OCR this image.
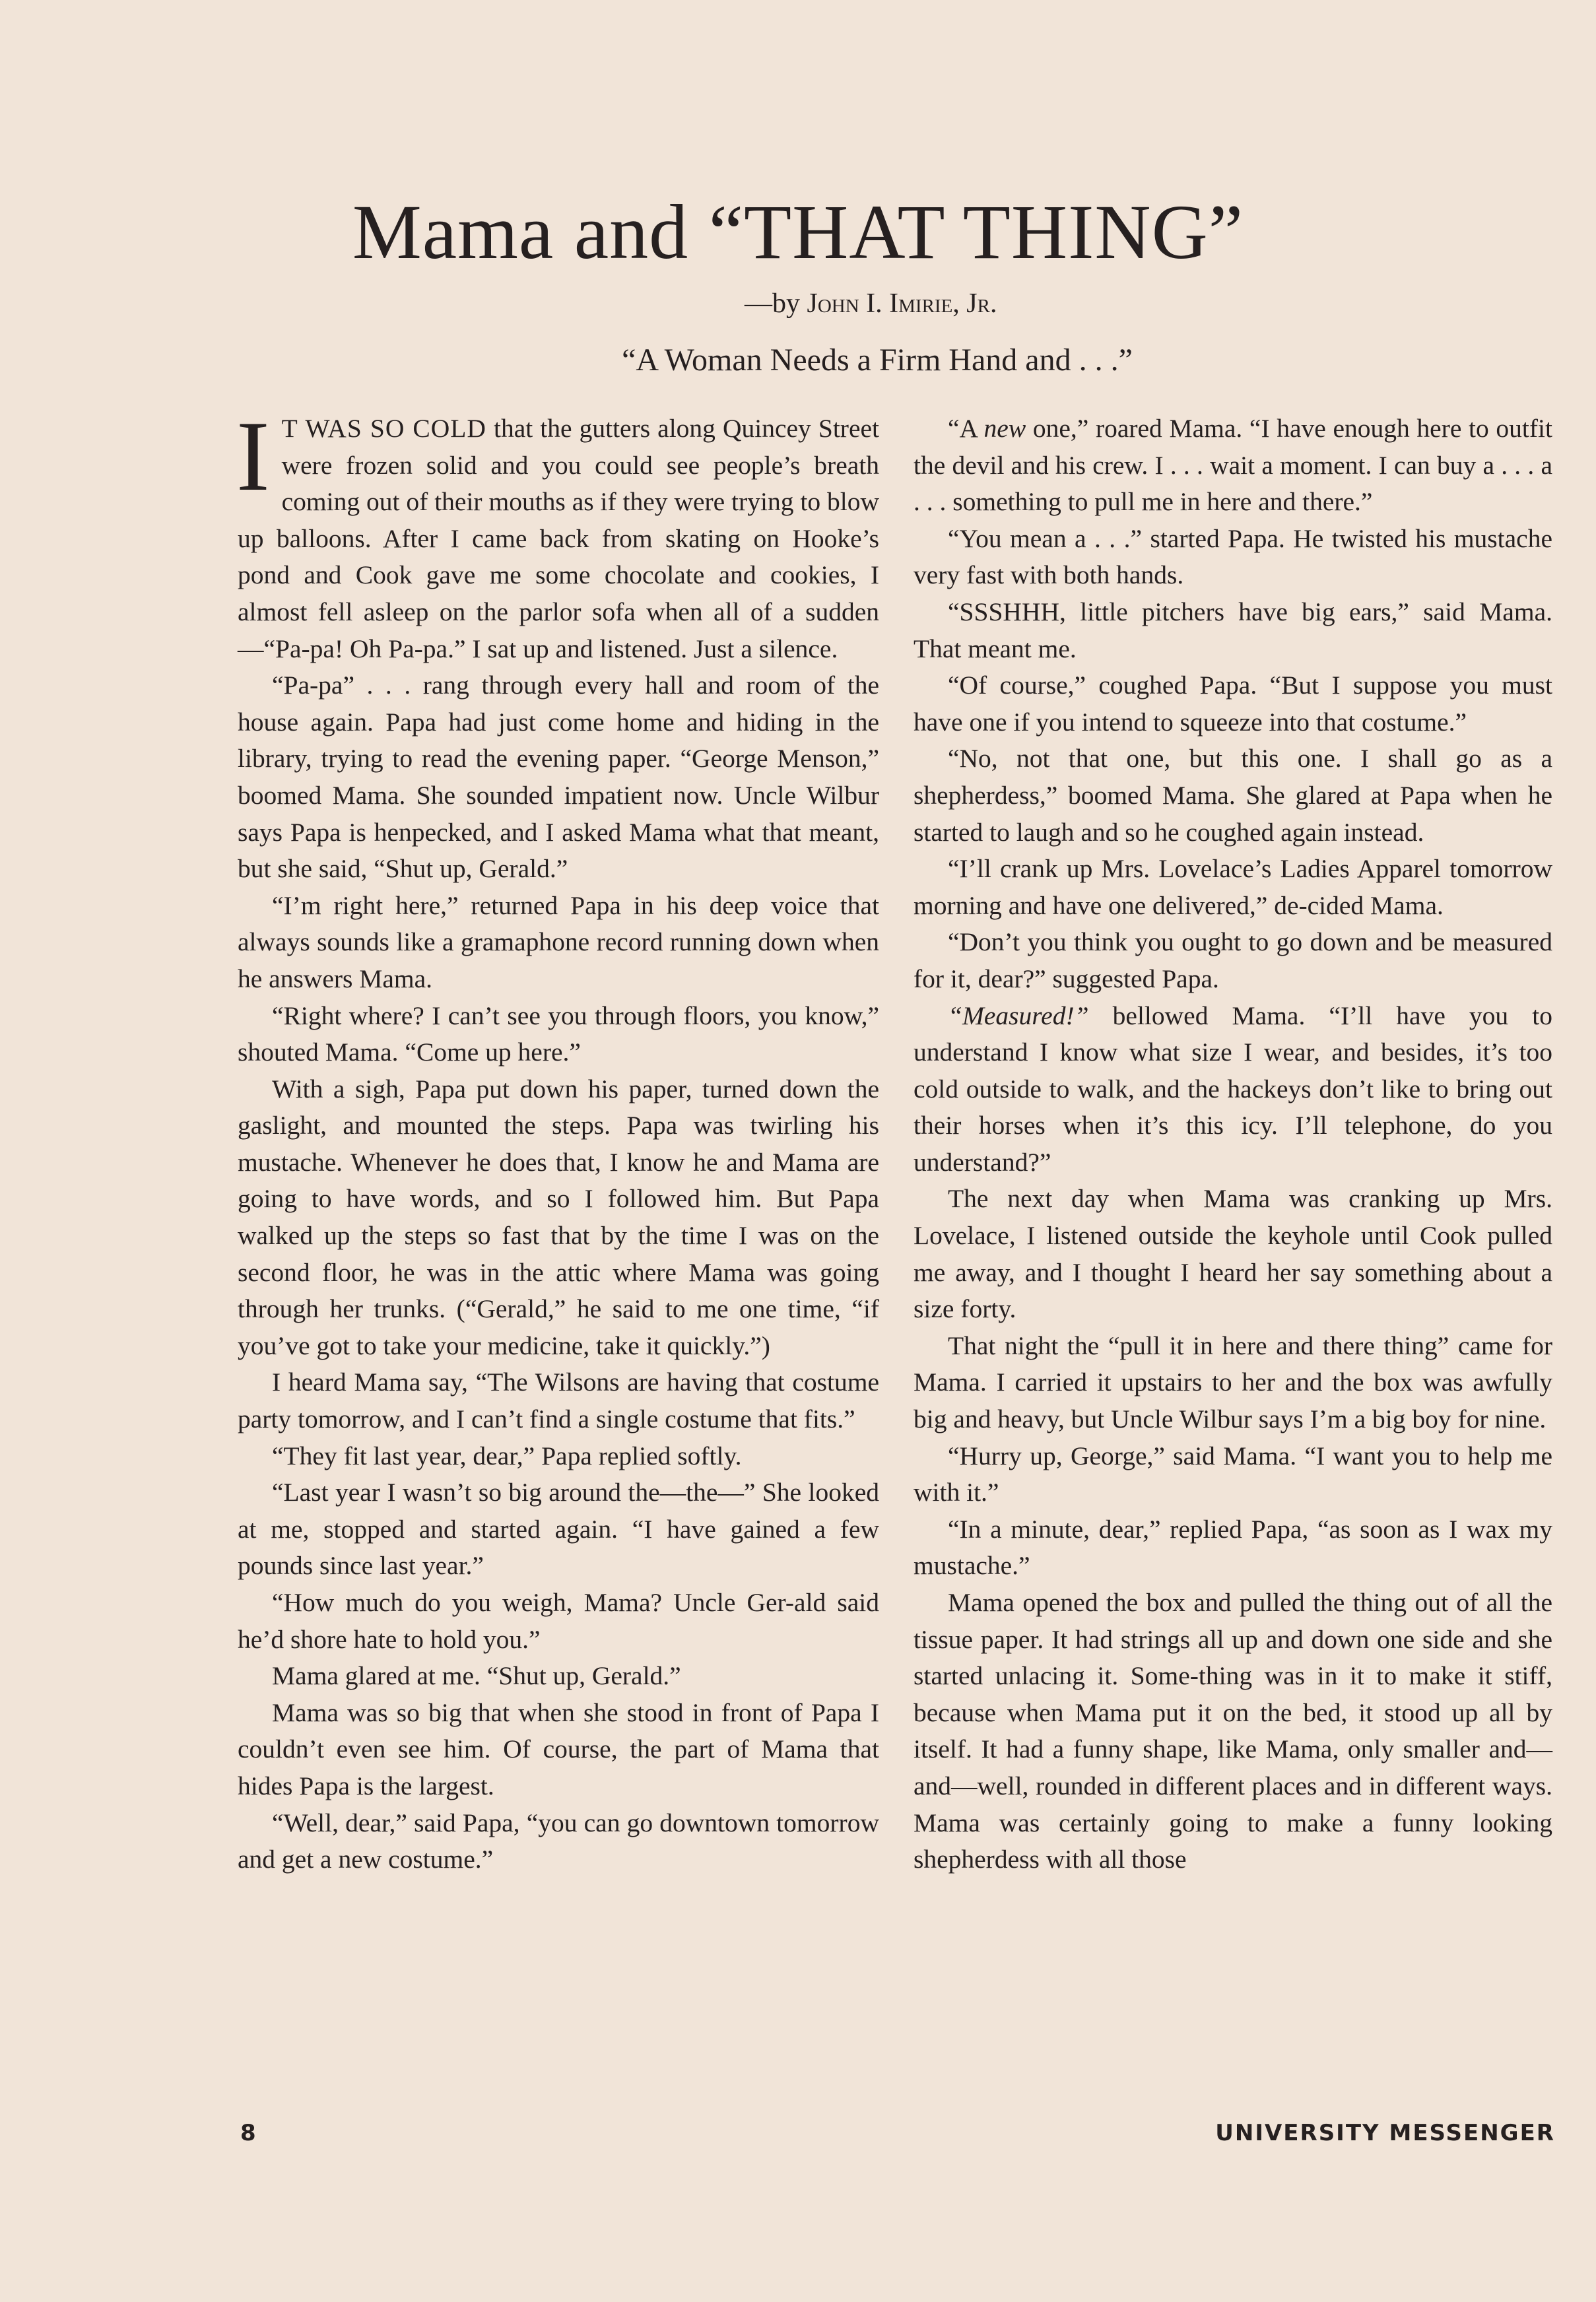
Mama and “THAT THING”
—by John I. Imirie, Jr.
“A Woman Needs a Firm Hand and . . .”

I T WAS SO COLD that the gutters along Quincey Street were frozen solid and you could see people’s breath coming out of their mouths as if they were trying to blow up balloons. After I came back from skating on Hooke’s pond and Cook gave me some chocolate and cookies, I almost fell asleep on the parlor sofa when all of a sudden—“Pa-pa! Oh Pa-pa.” I sat up and listened. Just a silence.

“Pa-pa” . . . rang through every hall and room of the house again. Papa had just come home and hiding in the library, trying to read the evening paper. “George Menson,” boomed Mama. She sounded impatient now. Uncle Wilbur says Papa is henpecked, and I asked Mama what that meant, but she said, “Shut up, Gerald.”

“I’m right here,” returned Papa in his deep voice that always sounds like a gramaphone record running down when he answers Mama.

“Right where? I can’t see you through floors, you know,” shouted Mama. “Come up here.”

With a sigh, Papa put down his paper, turned down the gaslight, and mounted the steps. Papa was twirling his mustache. Whenever he does that, I know he and Mama are going to have words, and so I followed him. But Papa walked up the steps so fast that by the time I was on the second floor, he was in the attic where Mama was going through her trunks. (“Gerald,” he said to me one time, “if you’ve got to take your medicine, take it quickly.”)

I heard Mama say, “The Wilsons are having that costume party tomorrow, and I can’t find a single costume that fits.”

“They fit last year, dear,” Papa replied softly.

“Last year I wasn’t so big around the—the—” She looked at me, stopped and started again. “I have gained a few pounds since last year.”

“How much do you weigh, Mama? Uncle Ger-ald said he’d shore hate to hold you.”

Mama glared at me. “Shut up, Gerald.”

Mama was so big that when she stood in front of Papa I couldn’t even see him. Of course, the part of Mama that hides Papa is the largest.

“Well, dear,” said Papa, “you can go downtown tomorrow and get a new costume.”

“A new one,” roared Mama. “I have enough here to outfit the devil and his crew. I . . . wait a moment. I can buy a . . . a . . . something to pull me in here and there.”

“You mean a . . .” started Papa. He twisted his mustache very fast with both hands.

“SSSHHH, little pitchers have big ears,” said Mama. That meant me.

“Of course,” coughed Papa. “But I suppose you must have one if you intend to squeeze into that costume.”

“No, not that one, but this one. I shall go as a shepherdess,” boomed Mama. She glared at Papa when he started to laugh and so he coughed again instead.

“I’ll crank up Mrs. Lovelace’s Ladies Apparel tomorrow morning and have one delivered,” de-cided Mama.

“Don’t you think you ought to go down and be measured for it, dear?” suggested Papa.

“Measured!” bellowed Mama. “I’ll have you to understand I know what size I wear, and besides, it’s too cold outside to walk, and the hackeys don’t like to bring out their horses when it’s this icy. I’ll telephone, do you understand?”

The next day when Mama was cranking up Mrs. Lovelace, I listened outside the keyhole until Cook pulled me away, and I thought I heard her say something about a size forty.

That night the “pull it in here and there thing” came for Mama. I carried it upstairs to her and the box was awfully big and heavy, but Uncle Wilbur says I’m a big boy for nine.

“Hurry up, George,” said Mama. “I want you to help me with it.”

“In a minute, dear,” replied Papa, “as soon as I wax my mustache.”

Mama opened the box and pulled the thing out of all the tissue paper. It had strings all up and down one side and she started unlacing it. Some-thing was in it to make it stiff, because when Mama put it on the bed, it stood up all by itself. It had a funny shape, like Mama, only smaller and—and—well, rounded in different places and in different ways. Mama was certainly going to make a funny looking shepherdess with all those

8	UNIVERSITY MESSENGER
